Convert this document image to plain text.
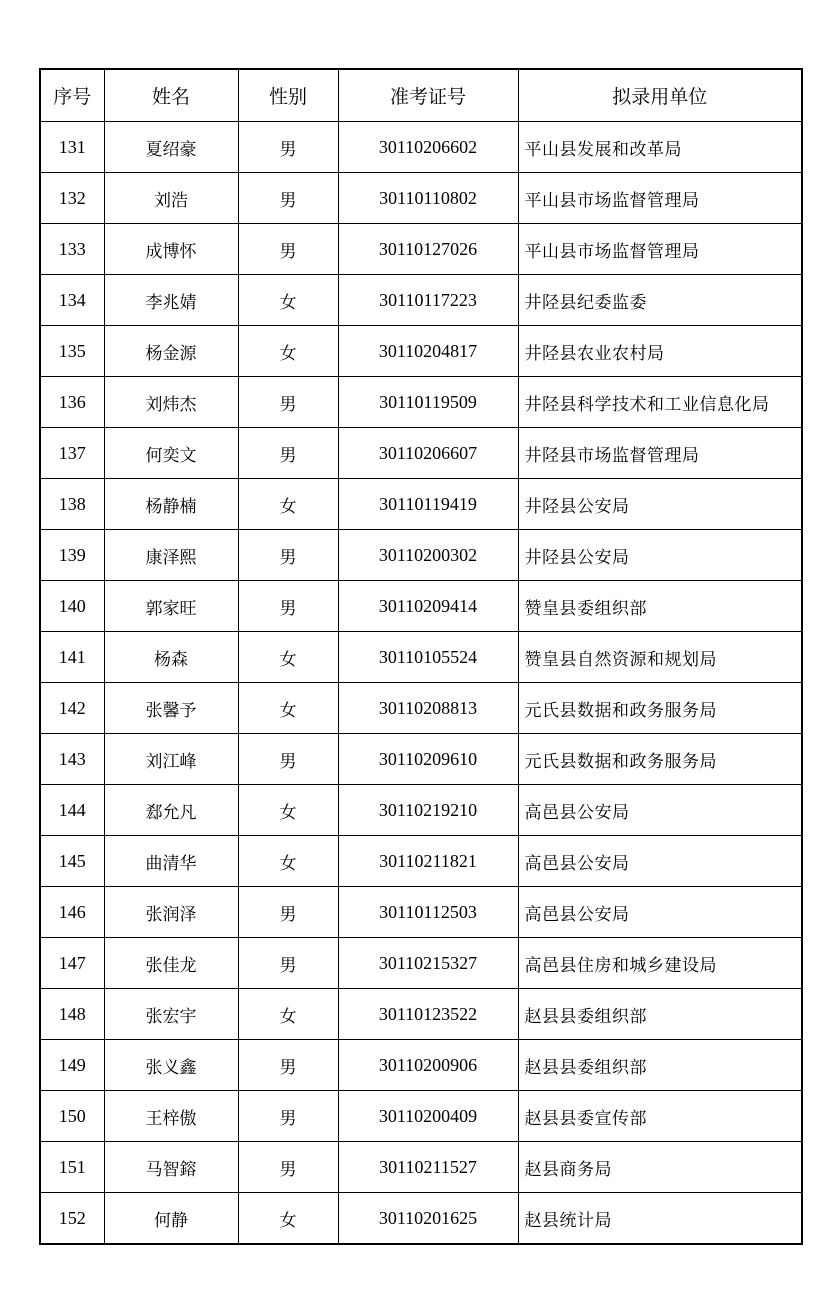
序号	姓名	性别	准考证号	拟录用单位
131	夏绍豪	男	30110206602	平山县发展和改革局
132	刘浩	男	30110110802	平山县市场监督管理局
133	成博怀	男	30110127026	平山县市场监督管理局
134	李兆婧	女	30110117223	井陉县纪委监委
135	杨金源	女	30110204817	井陉县农业农村局
136	刘炜杰	男	30110119509	井陉县科学技术和工业信息化局
137	何奕文	男	30110206607	井陉县市场监督管理局
138	杨静楠	女	30110119419	井陉县公安局
139	康泽熙	男	30110200302	井陉县公安局
140	郭家旺	男	30110209414	赞皇县委组织部
141	杨森	女	30110105524	赞皇县自然资源和规划局
142	张馨予	女	30110208813	元氏县数据和政务服务局
143	刘江峰	男	30110209610	元氏县数据和政务服务局
144	郄允凡	女	30110219210	高邑县公安局
145	曲清华	女	30110211821	高邑县公安局
146	张润泽	男	30110112503	高邑县公安局
147	张佳龙	男	30110215327	高邑县住房和城乡建设局
148	张宏宇	女	30110123522	赵县县委组织部
149	张义鑫	男	30110200906	赵县县委组织部
150	王梓傲	男	30110200409	赵县县委宣传部
151	马智鎔	男	30110211527	赵县商务局
152	何静	女	30110201625	赵县统计局
